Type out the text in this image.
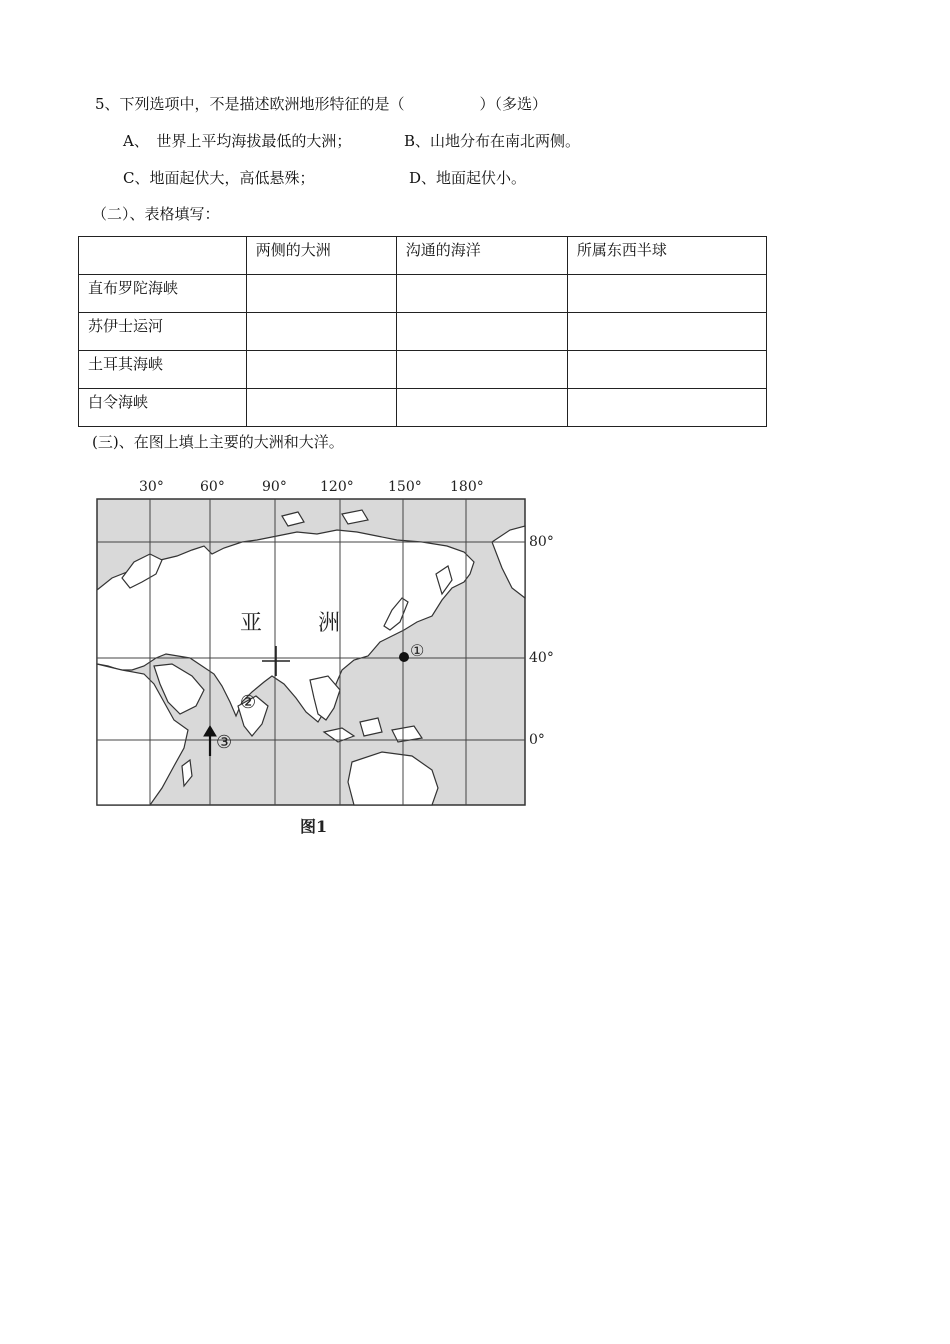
5、下列选项中，不是描述欧洲地形特征的是（　　　　　）（多选）
A、　世界上平均海拔最低的大洲；	B、山地分布在南北两侧。
C、地面起伏大，高低悬殊；	D、地面起伏小。
（二）、表格填写：
	两侧的大洲	沟通的海洋	所属东西半球
直布罗陀海峡			
苏伊士运河			
土耳其海峡			
白令海峡			
(三)、在图上填上主要的大洲和大洋。
30°	60°	90° 120° 150° 180°
80°
40°
0°
亚	洲
①
②
③
图1
